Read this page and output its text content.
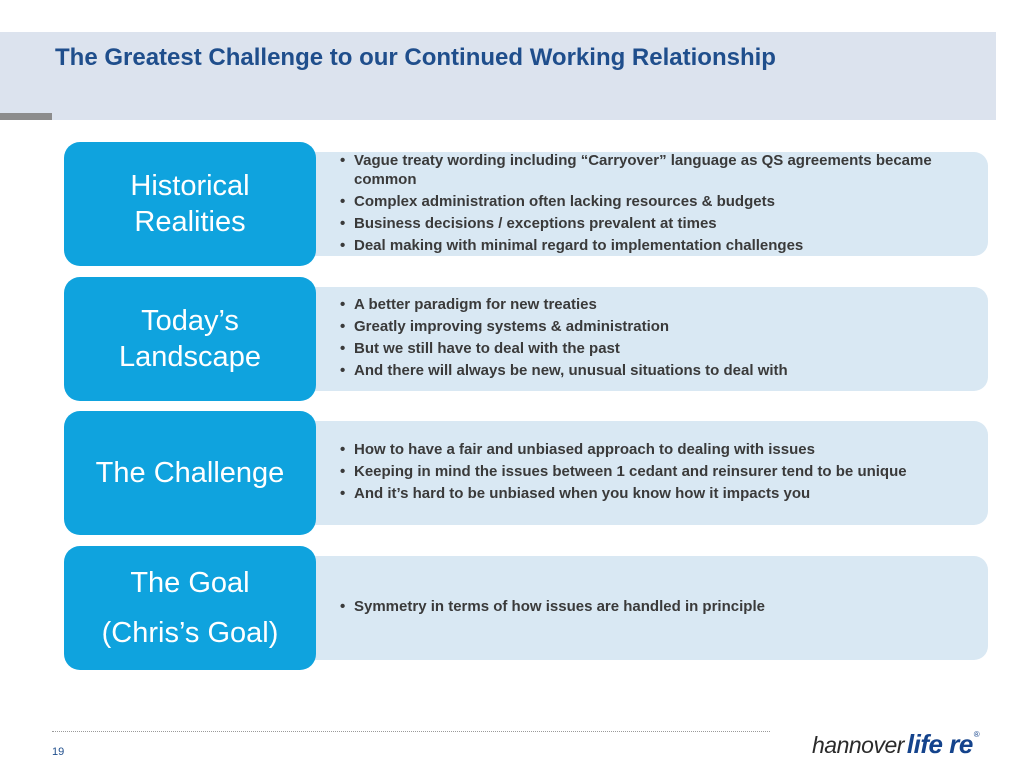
The Greatest Challenge to our Continued Working Relationship
• Vague treaty wording including “Carryover” language as QS agreements became common
• Complex administration often lacking resources & budgets
• Business decisions / exceptions prevalent at times
• Deal making with minimal regard to implementation challenges
Historical
Realities
• A better paradigm for new treaties
• Greatly improving systems & administration
• But we still have to deal with the past
• And there will always be new, unusual situations to deal with
Today’s
Landscape
• How to have a fair and unbiased approach to dealing with issues
• Keeping in mind the issues between 1 cedant and reinsurer tend to be unique
• And it’s hard to be unbiased when you know how it impacts you
The Challenge
• Symmetry in terms of how issues are handled in principle
The Goal
(Chris’s Goal)
19	hannover life re ®
